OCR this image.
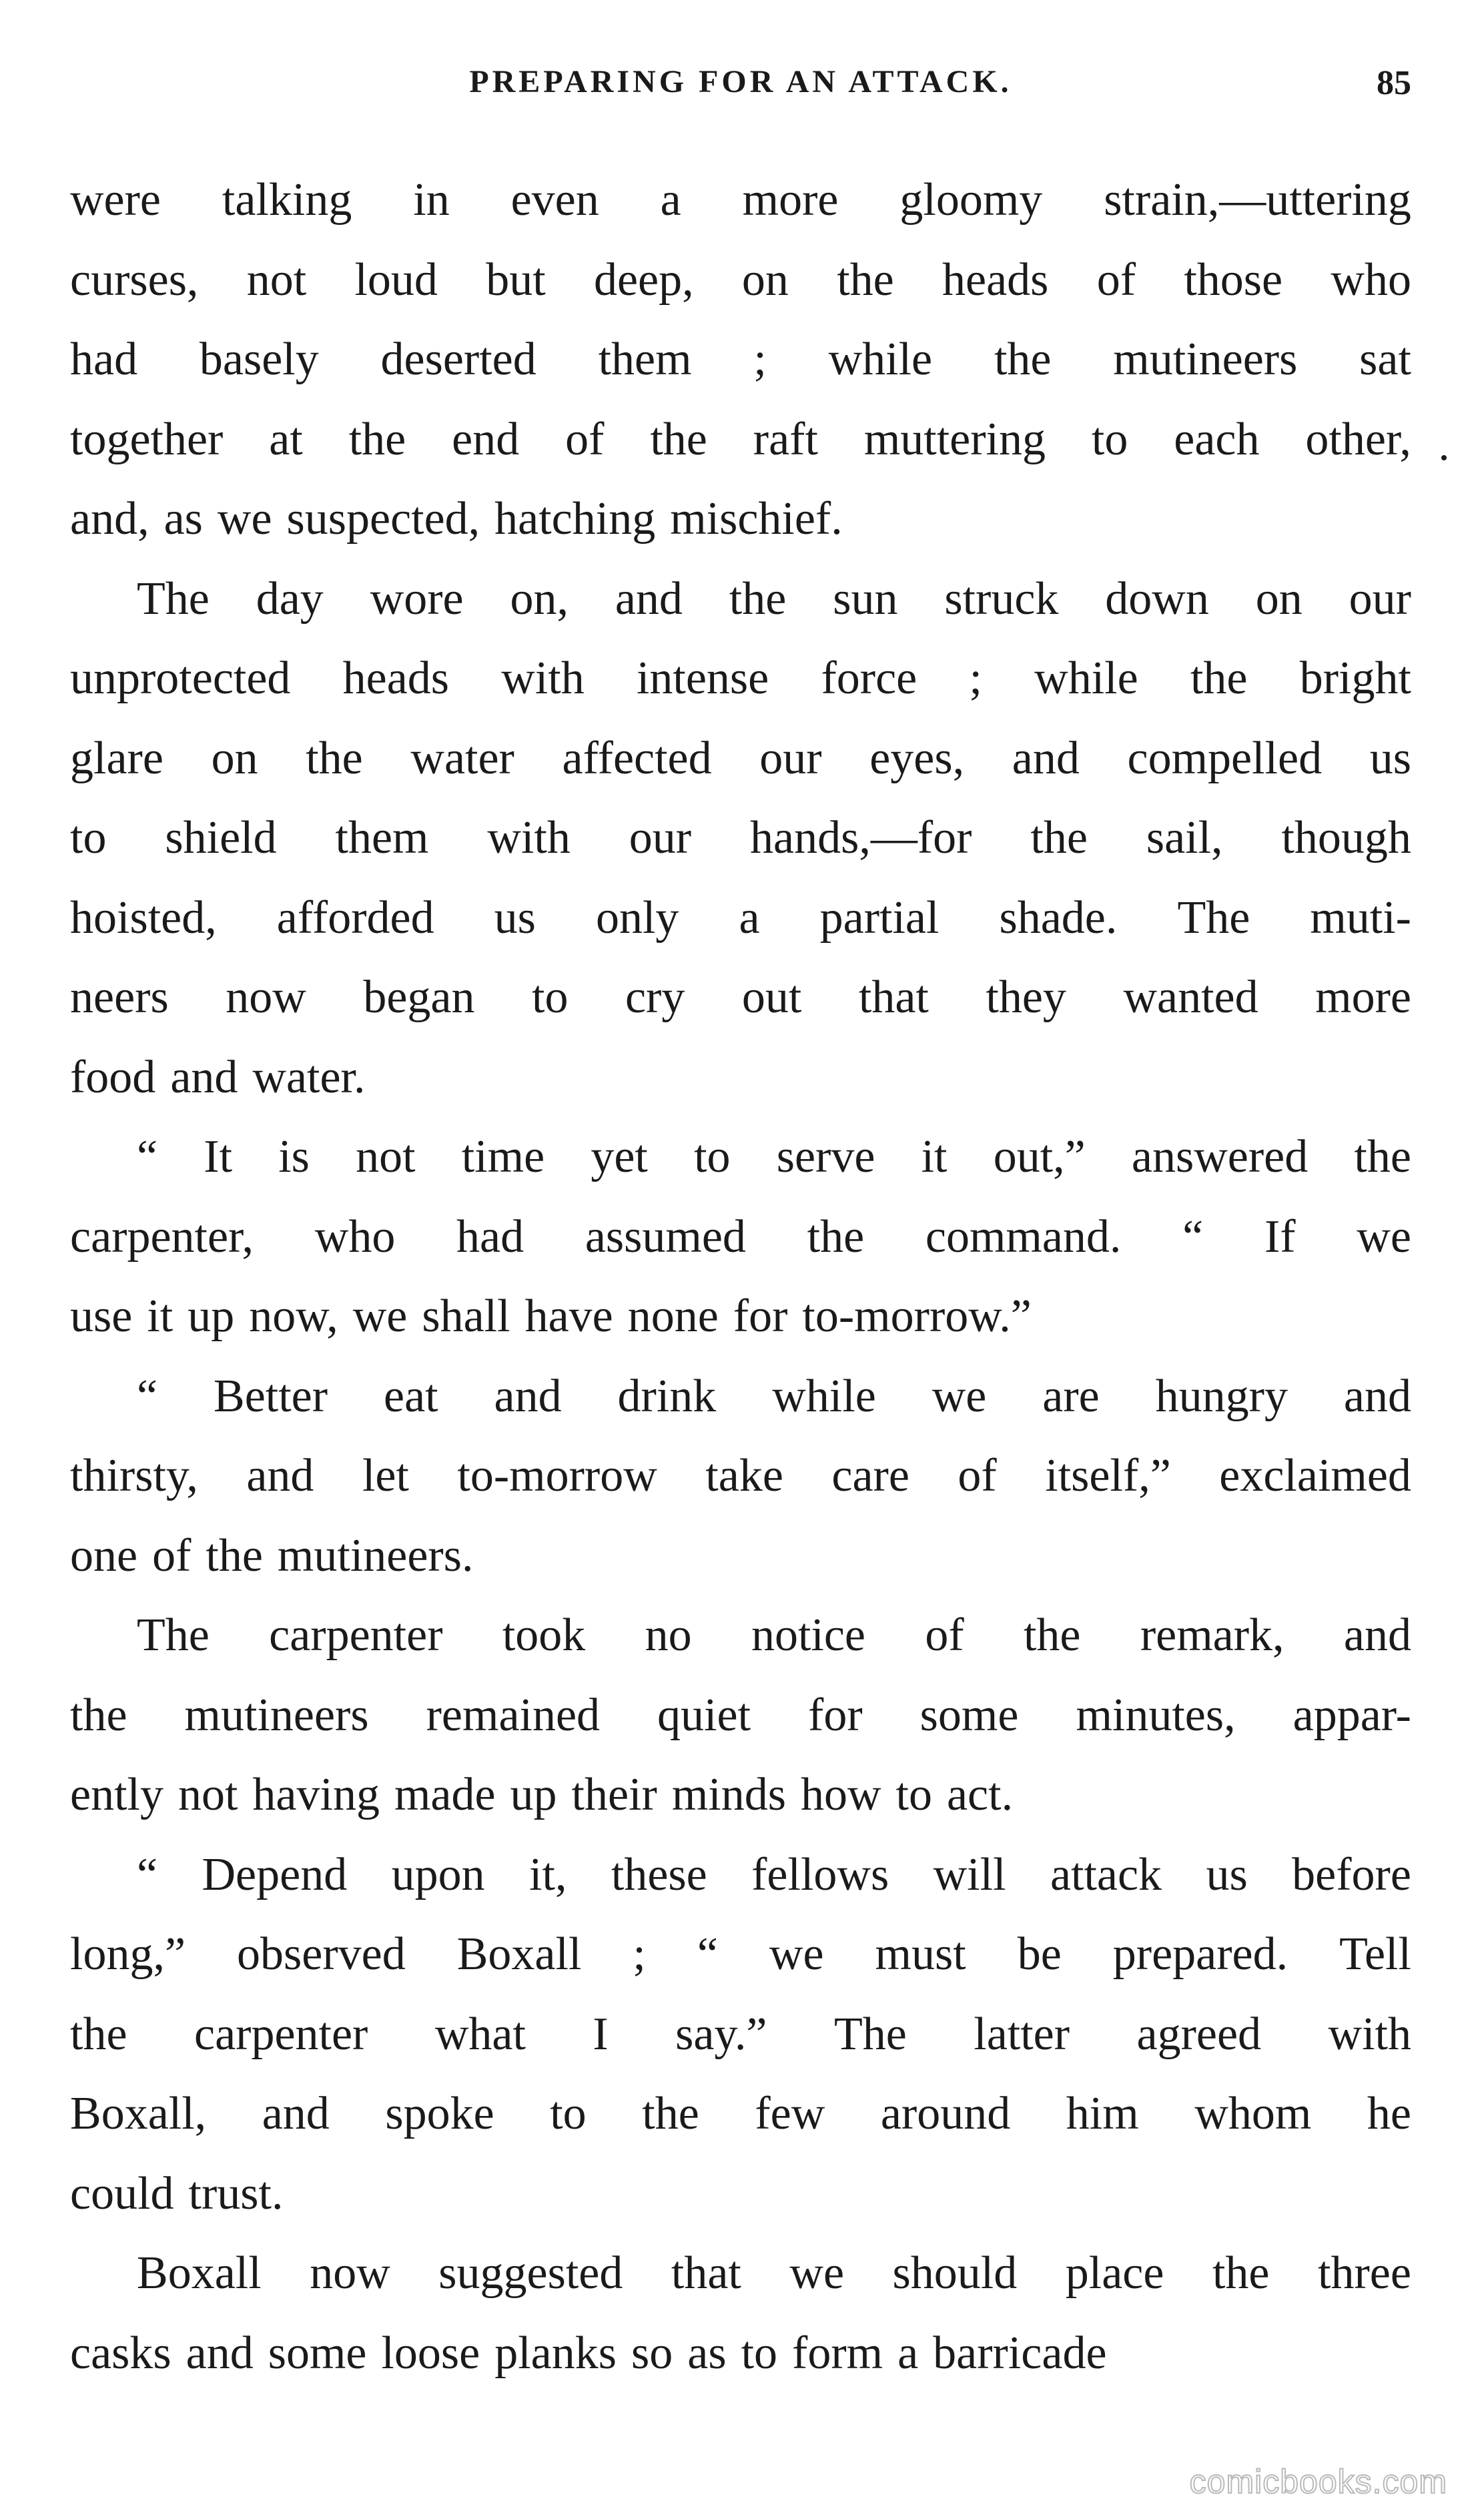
PREPARING FOR AN ATTACK.	85
were talking in even a more gloomy strain,—uttering
curses, not loud but deep, on the heads of those who
had basely deserted them ; while the mutineers sat
together at the end of the raft muttering to each other,
and, as we suspected, hatching mischief.
The day wore on, and the sun struck down on our
unprotected heads with intense force ; while the bright
glare on the water affected our eyes, and compelled us
to shield them with our hands,—for the sail, though
hoisted, afforded us only a partial shade. The muti-
neers now began to cry out that they wanted more
food and water.
“ It is not time yet to serve it out,” answered the
carpenter, who had assumed the command. “ If we
use it up now, we shall have none for to-morrow.”
“ Better eat and drink while we are hungry and
thirsty, and let to-morrow take care of itself,” exclaimed
one of the mutineers.
The carpenter took no notice of the remark, and
the mutineers remained quiet for some minutes, appar-
ently not having made up their minds how to act.
“ Depend upon it, these fellows will attack us before
long,” observed Boxall ; “ we must be prepared. Tell
the carpenter what I say.” The latter agreed with
Boxall, and spoke to the few around him whom he
could trust.
Boxall now suggested that we should place the three
casks and some loose planks so as to form a barricade
comicbooks.com
